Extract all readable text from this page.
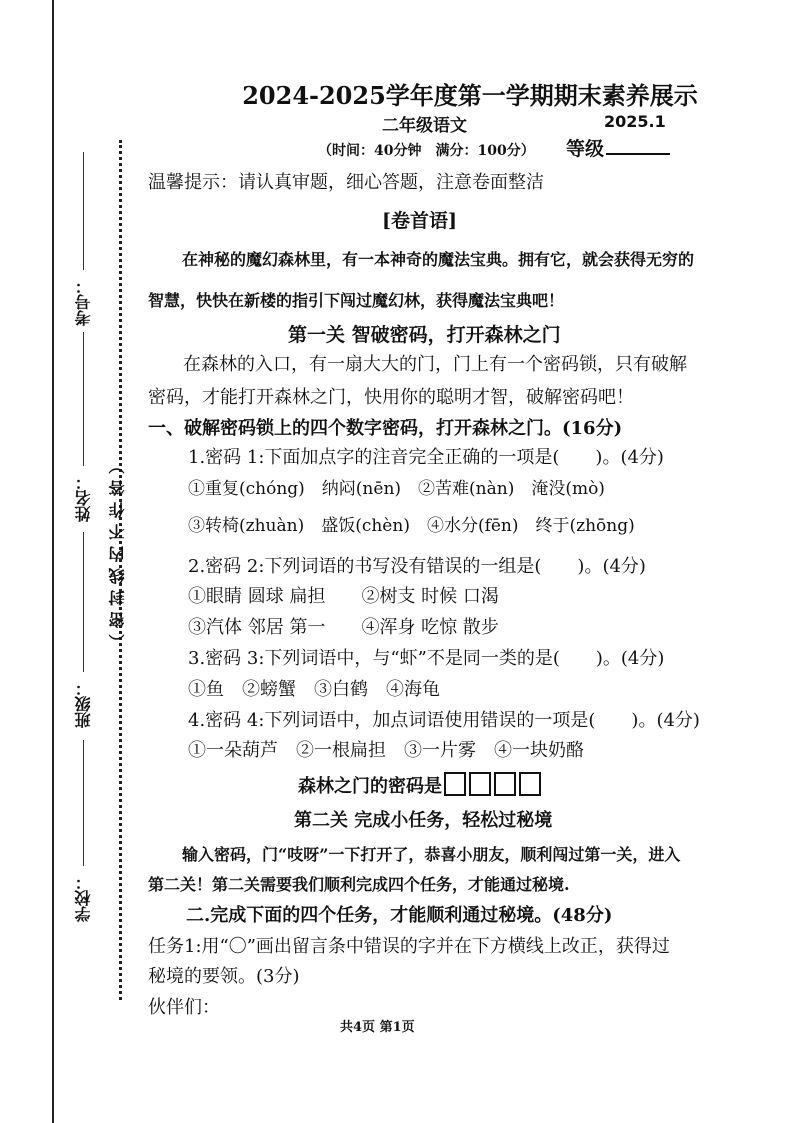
考号：
姓名：
班级：
学校：
（密封线内不作答）
2024-2025学年度第一学期期末素养展示
二年级语文	2025.1
（时间：40分钟　满分：100分） 等级
温馨提示：请认真审题，细心答题，注意卷面整洁
[卷首语]
在神秘的魔幻森林里，有一本神奇的魔法宝典。拥有它，就会获得无穷的
智慧，快快在新楼的指引下闯过魔幻林，获得魔法宝典吧！
第一关 智破密码，打开森林之门
在森林的入口，有一扇大大的门，门上有一个密码锁，只有破解
密码，才能打开森林之门，快用你的聪明才智，破解密码吧！
一、破解密码锁上的四个数字密码，打开森林之门。(16分)
1.密码 1:下面加点字的注音完全正确的一项是(　　)。(4分)
①重复(chóng)　纳闷(nēn)　②苦难(nàn)　淹没(mò)
③转椅(zhuàn)　盛饭(chèn)　④水分(fēn)　终于(zhōng)
2.密码 2:下列词语的书写没有错误的一组是(　　)。(4分)
①眼睛 圆球 扁担　　②树支 时候 口渴
③汽体 邻居 第一　　④浑身 吃惊 散步
3.密码 3:下列词语中，与“虾”不是同一类的是(　　)。(4分)
①鱼　②螃蟹　③白鹤　④海龟
4.密码 4:下列词语中，加点词语使用错误的一项是(　　)。(4分)
①一朵葫芦　②一根扁担　③一片雾　④一块奶酪
森林之门的密码是
第二关 完成小任务，轻松过秘境
输入密码，门“吱呀”一下打开了，恭喜小朋友，顺利闯过第一关，进入
第二关！第二关需要我们顺利完成四个任务，才能通过秘境.
二.完成下面的四个任务，才能顺利通过秘境。(48分)
任务1:用“〇”画出留言条中错误的字并在下方横线上改正，获得过
秘境的要领。(3分)
伙伴们：
共4页 第1页
